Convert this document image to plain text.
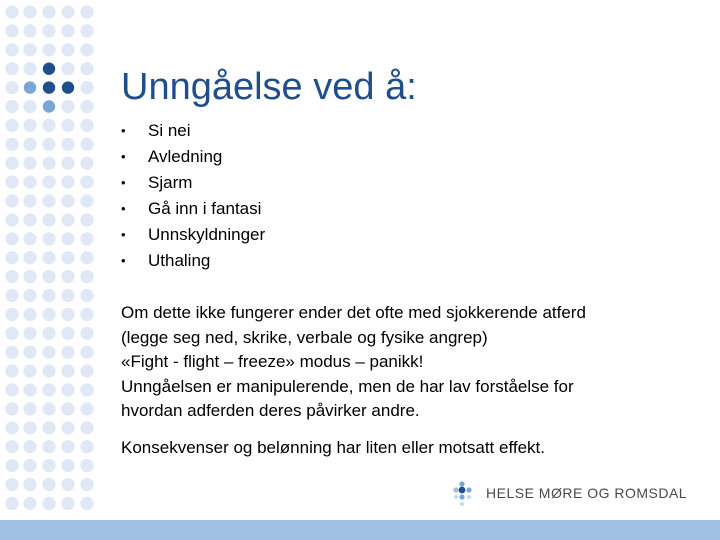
Unngåelse ved å:
•	Si nei
•	Avledning
•	Sjarm
•	Gå inn i fantasi
•	Unnskyldninger
•	Uthaling

Om dette ikke fungerer ender det ofte med sjokkerende atferd

(legge seg ned, skrike, verbale og fysike angrep)

«Fight - flight – freeze» modus – panikk!

Unngåelsen er manipulerende, men de har lav forståelse for

hvordan adferden deres påvirker andre.

Konsekvenser og belønning har liten eller motsatt effekt.
HELSE MØRE OG ROMSDAL
